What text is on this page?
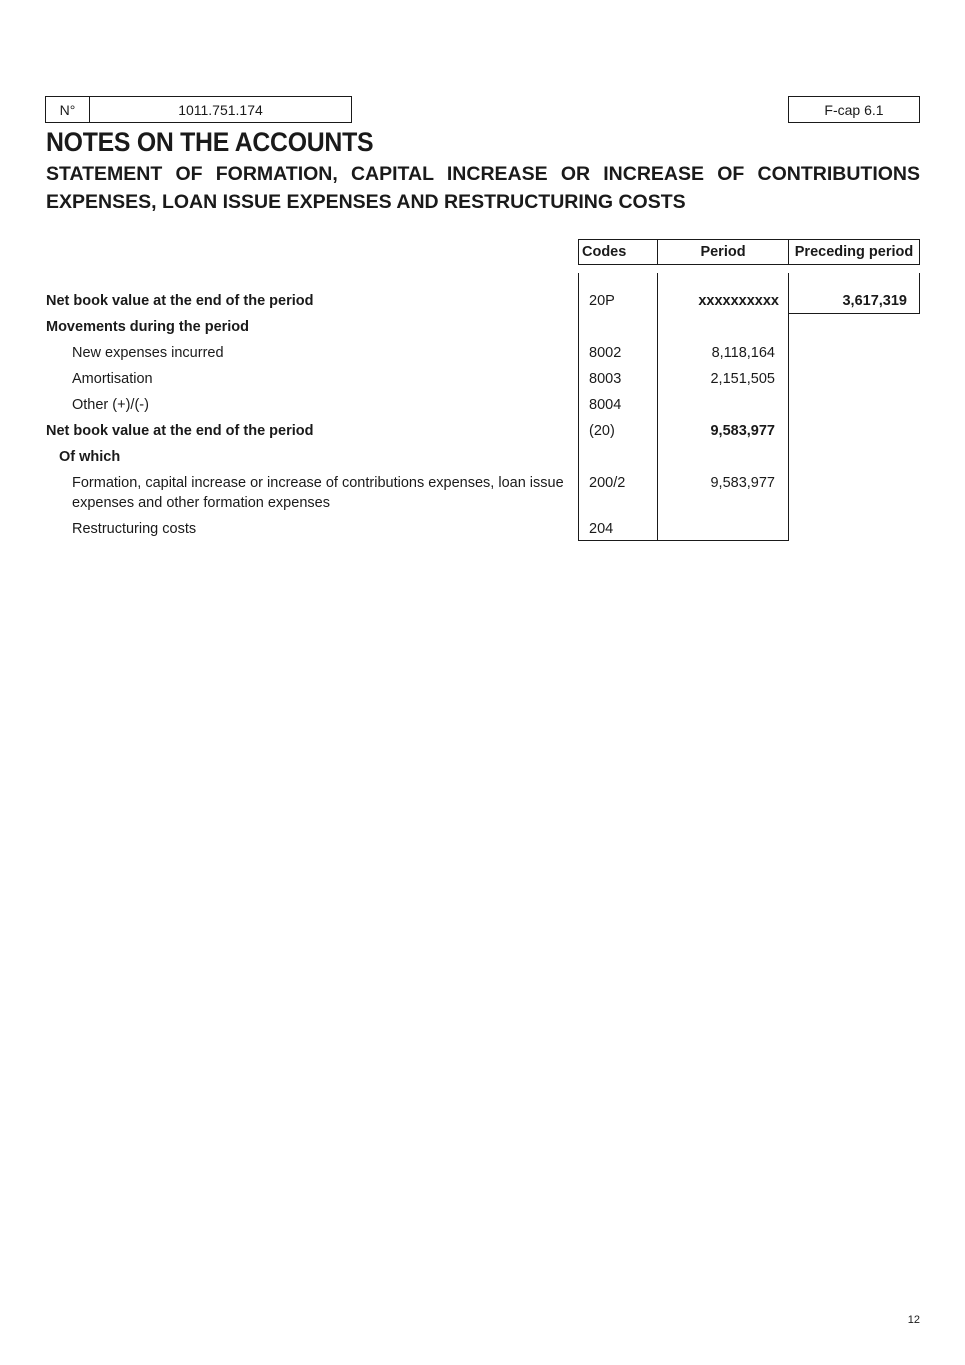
N°	1011.751.174	F-cap 6.1
NOTES ON THE ACCOUNTS
STATEMENT OF FORMATION, CAPITAL INCREASE OR INCREASE OF CONTRIBUTIONS EXPENSES, LOAN ISSUE EXPENSES AND RESTRUCTURING COSTS
Codes	Period	Preceding period
Net book value at the end of the period	20P	xxxxxxxxxx	3,617,319
Movements during the period
New expenses incurred	8002	8,118,164
Amortisation	8003	2,151,505
Other (+)/(-)	8004
Net book value at the end of the period	(20)	9,583,977
Of which
Formation, capital increase or increase of contributions expenses, loan issue
expenses and other formation expenses
200/2	9,583,977
Restructuring costs	204
12
